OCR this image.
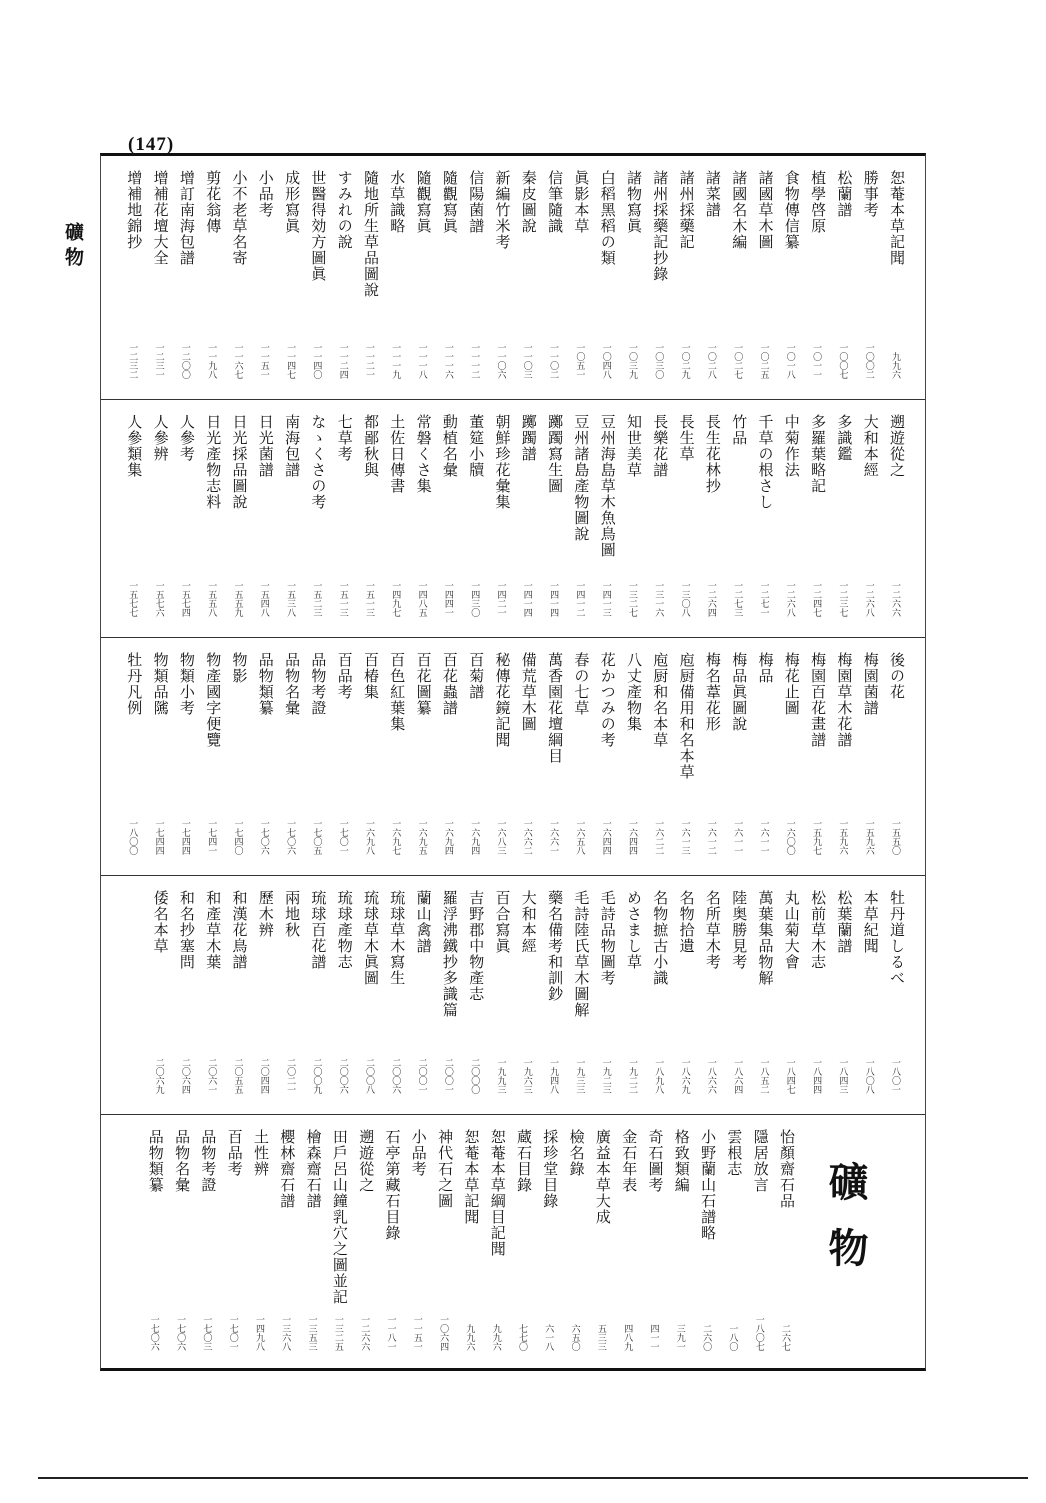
(147)
礦物
礦物
恕菴本草記聞
九九六
勝事考
一〇〇二
松蘭譜
一〇〇七
植學啓原
一〇一一
食物傳信纂
一〇一八
諸國草木圖
一〇二五
諸國名木編
一〇二七
諸菜譜
一〇二八
諸州採藥記
一〇二九
諸州採藥記抄錄
一〇三〇
諸物寫眞
一〇三九
白稻黑稻の類
一〇四八
眞影本草
一〇五一
信筆隨識
一一〇二
秦皮圖說
一一〇三
新編竹米考
一一〇六
信陽菌譜
一一一二
隨觀寫眞
一一一六
隨觀寫眞
一一一八
水草識略
一一一九
隨地所生草品圖說
一一二一
すみれの說
一一二四
世醫得効方圖眞
一一四〇
成形寫眞
一一四七
小品考
一一五一
小不老草名寄
一一六七
剪花翁傳
一一九八
增訂南海包譜
一二〇〇
增補花壇大全
一二三一
增補地錦抄
一二三二
遡遊從之
一二六六
大和本經
一二六八
多識鑑
一二三七
多羅葉略記
一二四七
中菊作法
一二六八
千草の根さし
一二七一
竹品
一二七三
長生花林抄
一二六四
長生草
一三〇八
長樂花譜
一三一六
知世美草
一三二七
豆州海島草木魚鳥圖
一四一三
豆州諸島產物圖說
一四一二
躑躅寫生圖
一四一四
躑躅譜
一四一四
朝鮮珍花彙集
一四二一
董筵小牘
一四三〇
動植名彙
一四四一
常磐くさ集
一四八五
土佐日傳書
一四九七
都鄙秋與
一五一三
七草考
一五一三
なゝくさの考
一五二三
南海包譜
一五三八
日光菌譜
一五四八
日光採品圖說
一五五九
日光產物志料
一五五八
人參考
一五七四
人參辨
一五七六
人參類集
一五七七
後の花
一五五〇
梅園菌譜
一五九六
梅園草木花譜
一五九六
梅園百花畫譜
一五九七
梅花止圖
一六〇〇
梅品
一六一一
梅品眞圖說
一六一一
梅名葦花形
一六一二
庖厨備用和名本草
一六一三
庖厨和名本草
一六二二
八丈產物集
一六四四
花かつみの考
一六四四
春の七草
一六五八
萬香園花壇綱目
一六六一
備荒草木圖
一六六二
秘傳花鏡記聞
一六八三
百菊譜
一六九四
百花蟲譜
一六九四
百花圖纂
一六九五
百色紅葉集
一六九七
百椿集
一六九八
百品考
一七〇一
品物考證
一七〇五
品物名彙
一七〇六
品物類纂
一七〇六
物影
一七四〇
物產國字便覽
一七四一
物類小考
一七四四
物類品隲
一七四四
牡丹凡例
一八〇〇
牡丹道しるべ
一八〇一
本草紀聞
一八〇八
松葉蘭譜
一八四三
松前草木志
一八四四
丸山菊大會
一八四七
萬葉集品物解
一八五二
陸奥勝見考
一八六四
名所草木考
一八六六
名物拾遺
一八六九
名物摭古小識
一八九八
めさまし草
一九二二
毛詩品物圖考
一九二三
毛詩陸氏草木圖解
一九三三
藥名備考和訓鈔
一九四八
大和本經
一九六三
百合寫眞
一九九三
吉野郡中物產志
二〇〇〇
羅浮沸鐵抄多識篇
二〇〇一
蘭山禽譜
二〇〇一
琉球草木寫生
二〇〇六
琉球草木眞圖
二〇〇八
琉球產物志
二〇〇六
琉球百花譜
二〇〇九
兩地秋
二〇二一
歷木辨
二〇四四
和漢花鳥譜
二〇五五
和產草木葉
二〇六一
和名抄塞問
二〇六四
倭名本草
二〇六九
怡顏齋石品
二六七
隱居放言
一八〇七
雲根志
一八〇
小野蘭山石譜略
二六〇
格致類編
三九一
奇石圖考
四一一
金石年表
四八九
廣益本草大成
五三三
檢名錄
六五〇
採珍堂目錄
六一八
蔵石目錄
七七〇
恕菴本草綱目記聞
九九六
恕菴本草記聞
九九六
神代石之圖
一〇六四
小品考
一一五一
石亭第藏石目錄
一一八一
遡遊從之
一二六六
田戶呂山鐘乳穴之圖並記
一三二五
檜森齋石譜
一三五三
櫻林齋石譜
一三六八
土性辨
一四九八
百品考
一七〇一
品物考證
一七〇三
品物名彙
一七〇六
品物類纂
一七〇六
